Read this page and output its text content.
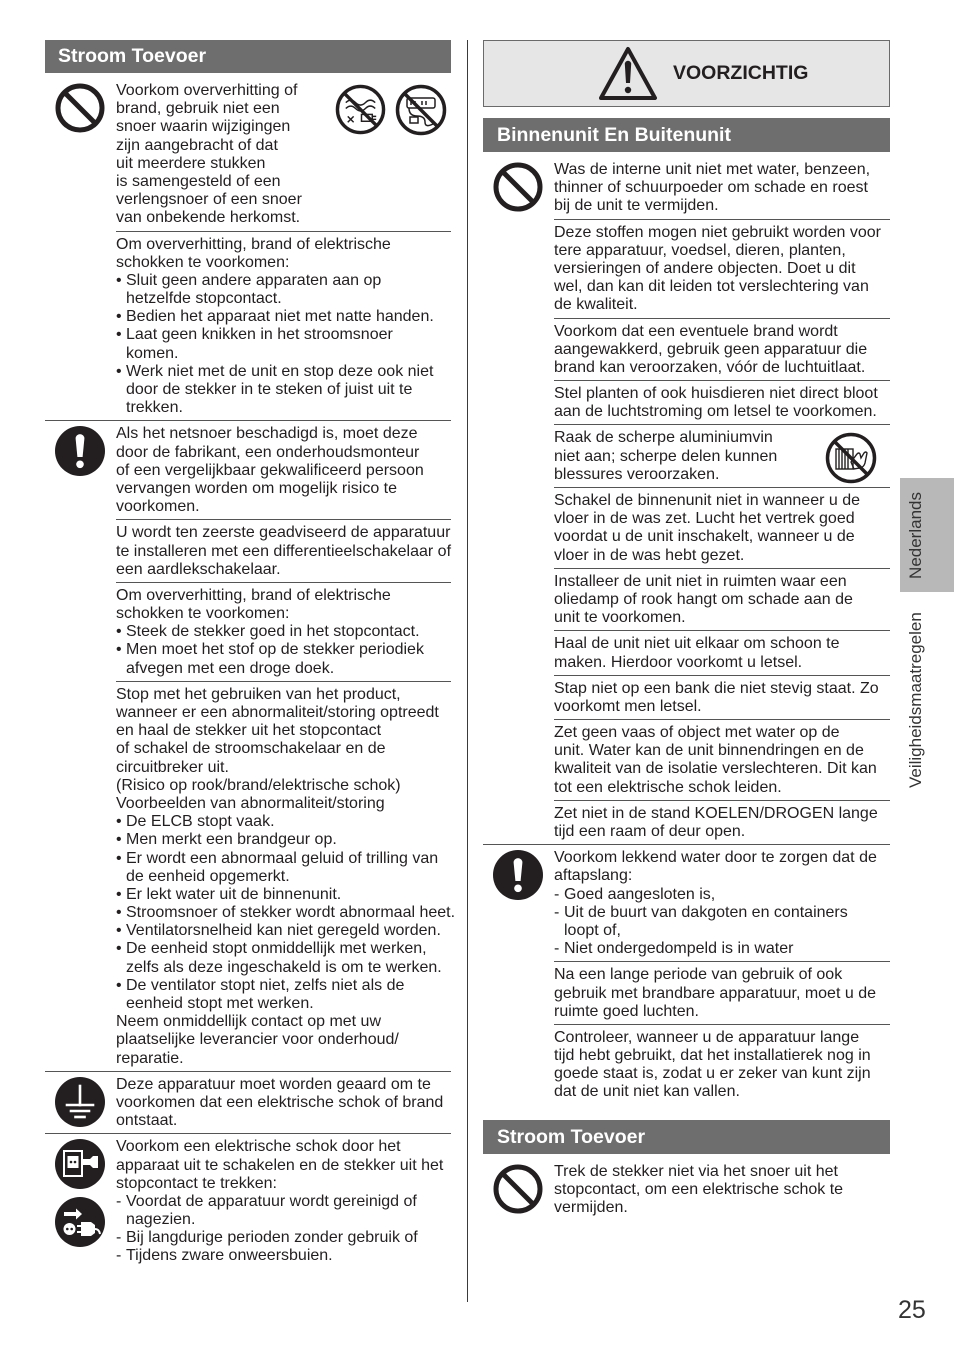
Stroom Toevoer
Voorkom oververhitting of
brand, gebruik niet een
snoer waarin wijzigingen
zijn aangebracht of dat
uit meerdere stukken
is samengesteld of een
verlengsnoer of een snoer
van onbekende herkomst.
Om oververhitting, brand of elektrische
schokken te voorkomen:
• Sluit geen andere apparaten aan op
hetzelfde stopcontact.
• Bedien het apparaat niet met natte handen.
• Laat geen knikken in het stroomsnoer
komen.
• Werk niet met de unit en stop deze ook niet
door de stekker in te steken of juist uit te
trekken.
Als het netsnoer beschadigd is, moet deze
door de fabrikant, een onderhoudsmonteur
of een vergelijkbaar gekwalificeerd persoon
vervangen worden om mogelijk risico te
voorkomen.
U wordt ten zeerste geadviseerd de apparatuur
te installeren met een differentieelschakelaar of
een aardlekschakelaar.
Om oververhitting, brand of elektrische
schokken te voorkomen:
• Steek de stekker goed in het stopcontact.
• Men moet het stof op de stekker periodiek
afvegen met een droge doek.
Stop met het gebruiken van het product,
wanneer er een abnormaliteit/storing optreedt
en haal de stekker uit het stopcontact
of schakel de stroomschakelaar en de
circuitbreker uit.
(Risico op rook/brand/elektrische schok)
Voorbeelden van abnormaliteit/storing
• De ELCB stopt vaak.
• Men merkt een brandgeur op.
• Er wordt een abnormaal geluid of trilling van
de eenheid opgemerkt.
• Er lekt water uit de binnenunit.
• Stroomsnoer of stekker wordt abnormaal heet.
• Ventilatorsnelheid kan niet geregeld worden.
• De eenheid stopt onmiddellijk met werken,
zelfs als deze ingeschakeld is om te werken.
• De ventilator stopt niet, zelfs niet als de
eenheid stopt met werken.
Neem onmiddellijk contact op met uw
plaatselijke leverancier voor onderhoud/
reparatie.
Deze apparatuur moet worden geaard om te
voorkomen dat een elektrische schok of brand
ontstaat.
Voorkom een elektrische schok door het
apparaat uit te schakelen en de stekker uit het
stopcontact te trekken:
- Voordat de apparatuur wordt gereinigd of
nagezien.
- Bij langdurige perioden zonder gebruik of
- Tijdens zware onweersbuien.
VOORZICHTIG
Binnenunit En Buitenunit
Was de interne unit niet met water, benzeen,
thinner of schuurpoeder om schade en roest
bij de unit te vermijden.
Deze stoffen mogen niet gebruikt worden voor
tere apparatuur, voedsel, dieren, planten,
versieringen of andere objecten. Doet u dit
wel, dan kan dit leiden tot verslechtering van
de kwaliteit.
Voorkom dat een eventuele brand wordt
aangewakkerd, gebruik geen apparatuur die
brand kan veroorzaken, vóór de luchtuitlaat.
Stel planten of ook huisdieren niet direct bloot
aan de luchtstroming om letsel te voorkomen.
Raak de scherpe aluminiumvin
niet aan; scherpe delen kunnen
blessures veroorzaken.
Schakel de binnenunit niet in wanneer u de
vloer in de was zet. Lucht het vertrek goed
voordat u de unit inschakelt, wanneer u de
vloer in de was hebt gezet.
Installeer de unit niet in ruimten waar een
oliedamp of rook hangt om schade aan de
unit te voorkomen.
Haal de unit niet uit elkaar om schoon te
maken. Hierdoor voorkomt u letsel.
Stap niet op een bank die niet stevig staat. Zo
voorkomt men letsel.
Zet geen vaas of object met water op de
unit. Water kan de unit binnendringen en de
kwaliteit van de isolatie verslechteren. Dit kan
tot een elektrische schok leiden.
Zet niet in de stand KOELEN/DROGEN lange
tijd een raam of deur open.
Voorkom lekkend water door te zorgen dat de
aftapslang:
- Goed aangesloten is,
- Uit de buurt van dakgoten en containers
loopt of,
- Niet ondergedompeld is in water
Na een lange periode van gebruik of ook
gebruik met brandbare apparatuur, moet u de
ruimte goed luchten.
Controleer, wanneer u de apparatuur lange
tijd hebt gebruikt, dat het installatierek nog in
goede staat is, zodat u er zeker van kunt zijn
dat de unit niet kan vallen.
Stroom Toevoer
Trek de stekker niet via het snoer uit het
stopcontact, om een elektrische schok te
vermijden.
Nederlands
Veiligheidsmaatregelen
25
